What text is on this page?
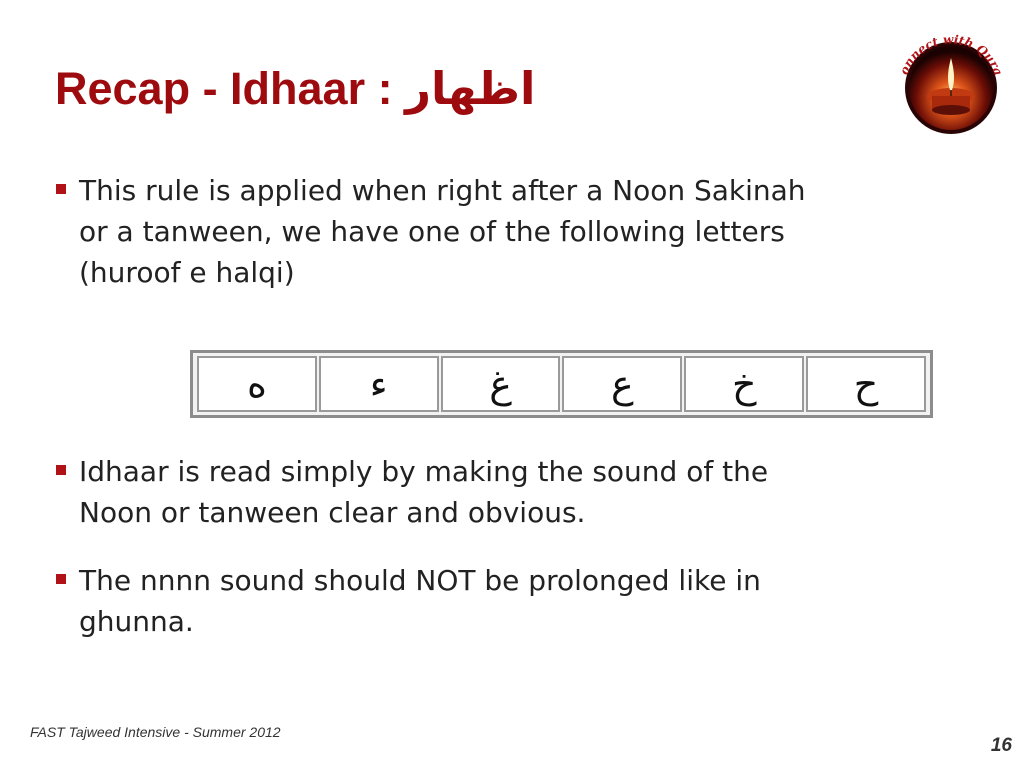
Recap - Idhaar : اظهار	onnect with Qura
This rule is applied when right after a Noon Sakinah or a tanween, we have one of the following letters (huroof e halqi)
ه	ء	غ	ع	خ	ح
Idhaar is read simply by making the sound of the Noon or tanween clear and obvious.
The nnnn sound should NOT be prolonged like in ghunna.
FAST Tajweed Intensive - Summer 2012
16
